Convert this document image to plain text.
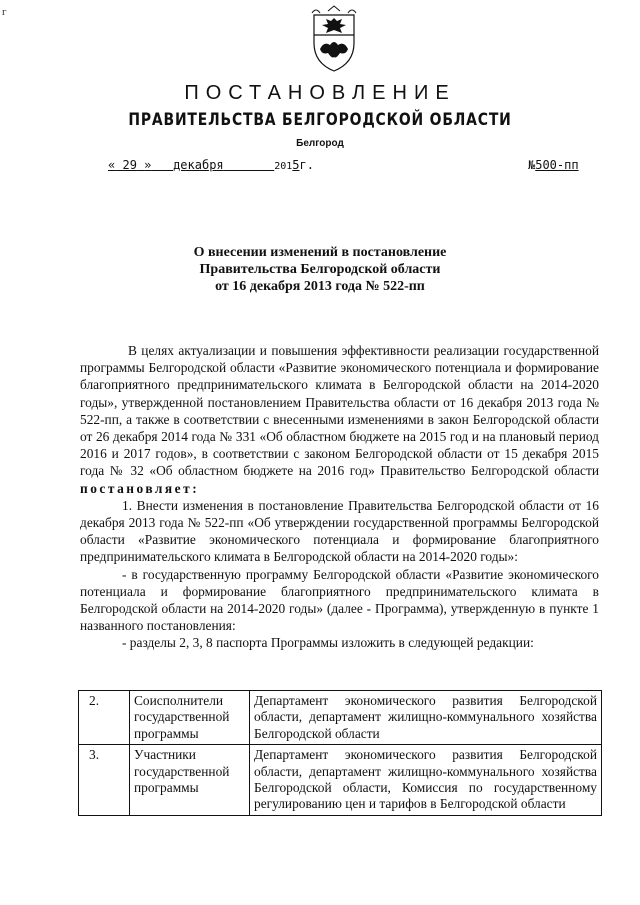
г
ПОСТАНОВЛЕНИЕ
ПРАВИТЕЛЬСТВА БЕЛГОРОДСКОЙ ОБЛАСТИ
Белгород
« 29 » декабря	2015г.	№500-пп
О внесении изменений в постановление
Правительства Белгородской области
от 16 декабря 2013 года № 522-пп

В целях актуализации и повышения эффективности реализации государственной программы Белгородской области «Развитие экономического потенциала и формирование благоприятного предпринимательского климата в Белгородской области на 2014-2020 годы», утвержденной постановлением Правительства области от 16 декабря 2013 года № 522-пп, а также в соответствии с внесенными изменениями в закон Белгородской области от 26 декабря 2014 года № 331 «Об областном бюджете на 2015 год и на плановый период 2016 и 2017 годов», в соответствии с законом Белгородской области от 15 декабря 2015 года № 32 «Об областном бюджете на 2016 год» Правительство Белгородской области постановляет:

1. Внести изменения в постановление Правительства Белгородской области от 16 декабря 2013 года № 522-пп «Об утверждении государственной программы Белгородской области «Развитие экономического потенциала и формирование благоприятного предпринимательского климата в Белгородской области на 2014-2020 годы»:

- в государственную программу Белгородской области «Развитие экономического потенциала и формирование благоприятного предпринимательского климата в Белгородской области на 2014-2020 годы» (далее - Программа), утвержденную в пункте 1 названного постановления:

- разделы 2, 3, 8 паспорта Программы изложить в следующей редакции:

2.	Соисполнители государственной программы	Департамент экономического развития Белгородской области, департамент жилищно-коммунального хозяйства Белгородской области
3.	Участники государственной программы	Департамент экономического развития Белгородской области, департамент жилищно-коммунального хозяйства Белгородской области, Комиссия по государственному регулированию цен и тарифов в Белгородской области
